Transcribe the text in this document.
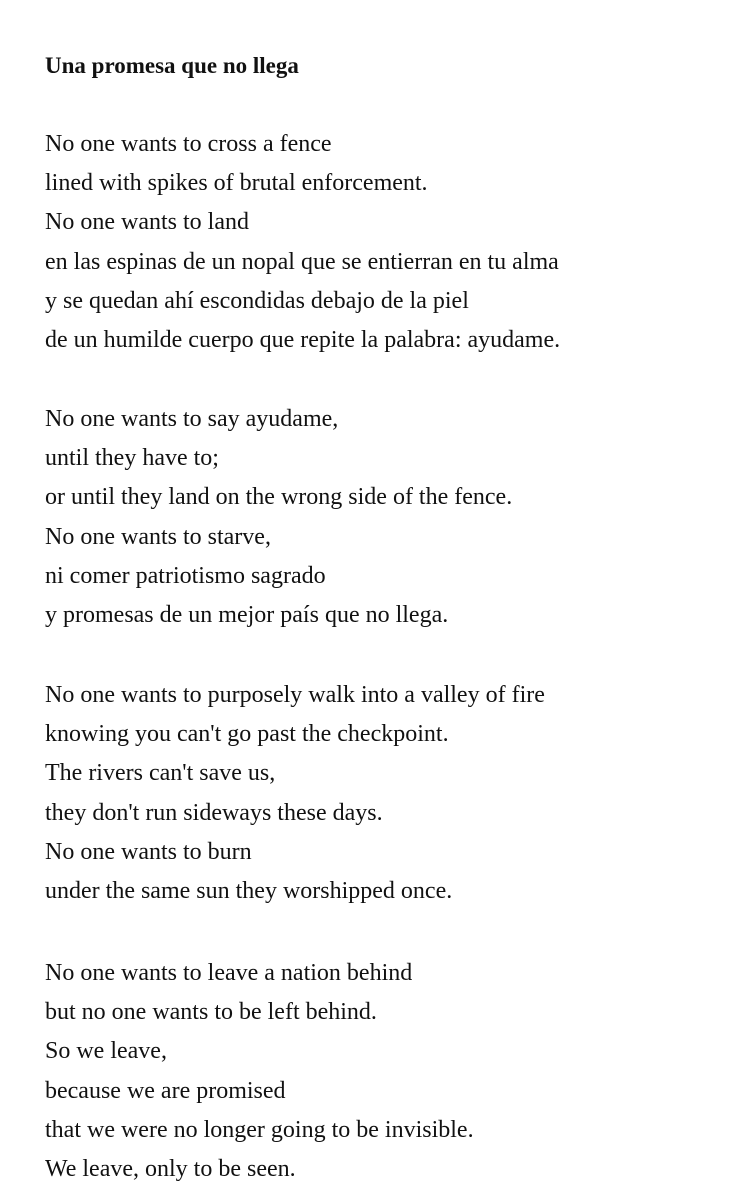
Una promesa que no llega
No one wants to cross a fence
lined with spikes of brutal enforcement.
No one wants to land
en las espinas de un nopal que se entierran en tu alma
y se quedan ahí escondidas debajo de la piel
de un humilde cuerpo que repite la palabra: ayudame.
No one wants to say ayudame,
until they have to;
or until they land on the wrong side of the fence.
No one wants to starve,
ni comer patriotismo sagrado
y promesas de un mejor país que no llega.
No one wants to purposely walk into a valley of fire
knowing you can't go past the checkpoint.
The rivers can't save us,
they don't run sideways these days.
No one wants to burn
under the same sun they worshipped once.
No one wants to leave a nation behind
but no one wants to be left behind.
So we leave,
because we are promised
that we were no longer going to be invisible.
We leave, only to be seen.
